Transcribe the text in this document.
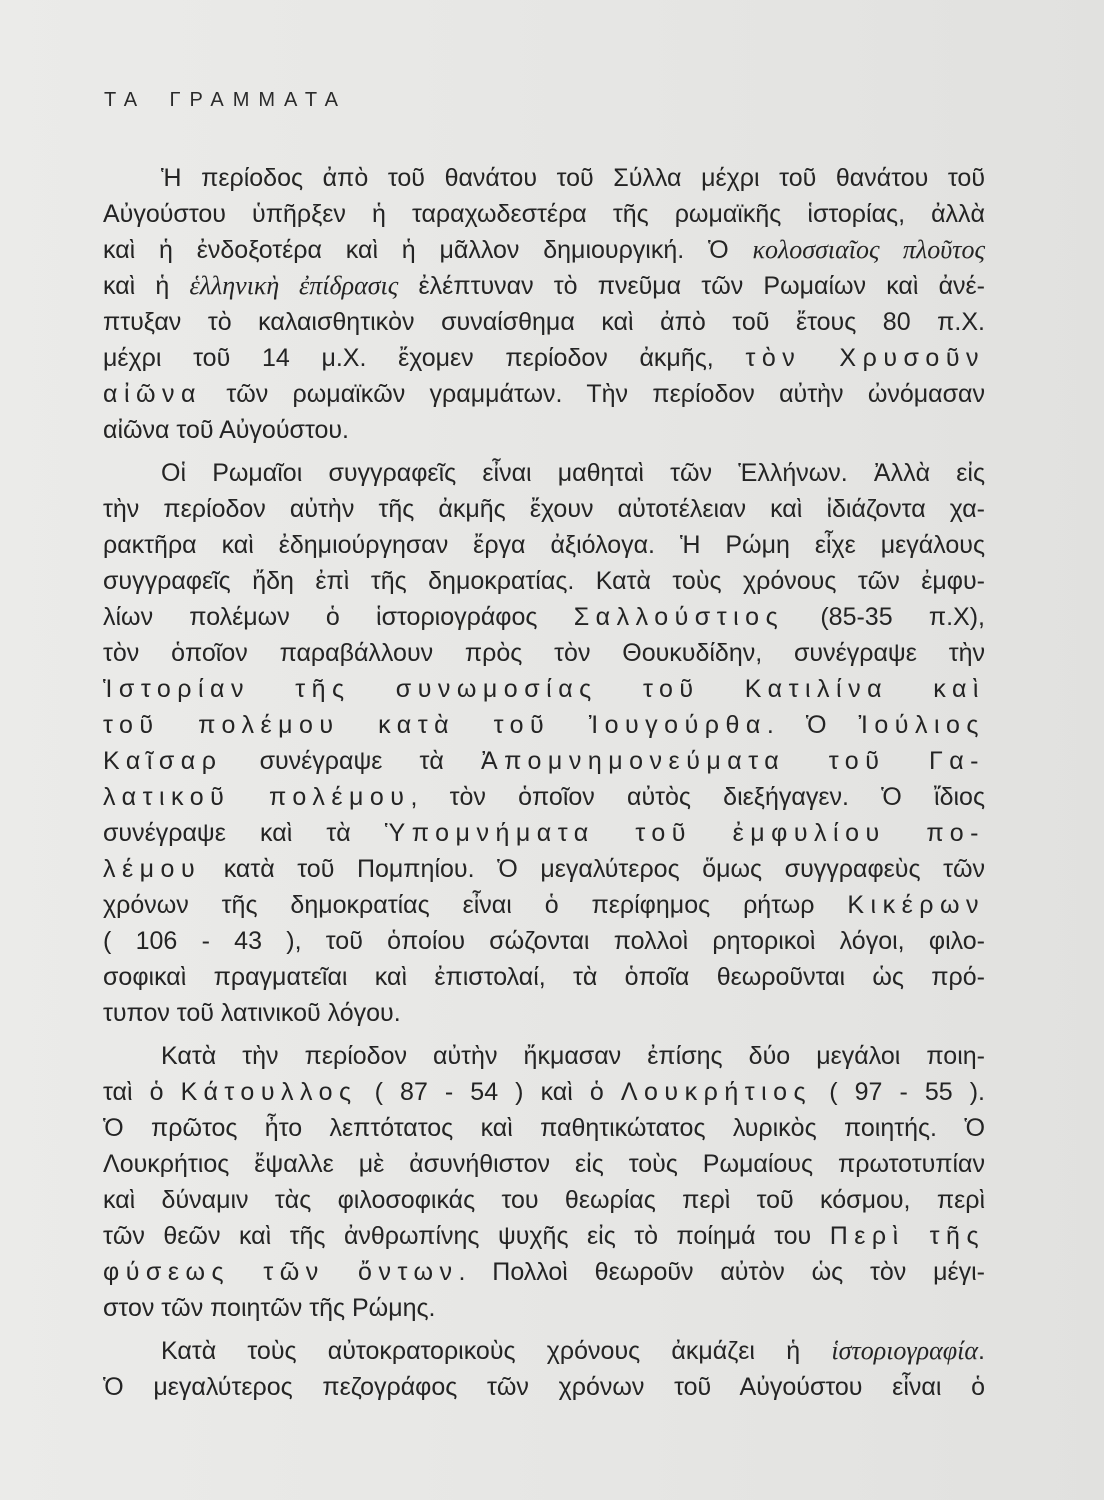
ΤΑ ΓΡΑΜΜΑΤΑ
Ἡ περίοδος ἀπὸ τοῦ θανάτου τοῦ Σύλλα μέχρι τοῦ θανάτου τοῦ
Αὐγούστου ὑπῆρξεν ἡ ταραχωδεστέρα τῆς ρωμαϊκῆς ἱστορίας, ἀλλὰ
καὶ ἡ ἐνδοξοτέρα καὶ ἡ μᾶλλον δημιουργική. Ὁ κολοσσιαῖος πλοῦτος
καὶ ἡ ἑλληνικὴ ἐπίδρασις ἐλέπτυναν τὸ πνεῦμα τῶν Ρωμαίων καὶ ἀνέ-
πτυξαν τὸ καλαισθητικὸν συναίσθημα καὶ ἀπὸ τοῦ ἔτους 80 π.Χ.
μέχρι τοῦ 14 μ.Χ. ἔχομεν περίοδον ἀκμῆς, τὸν Χρυσοῦν
αἰῶνα τῶν ρωμαϊκῶν γραμμάτων. Τὴν περίοδον αὐτὴν ὠνόμασαν
αἰῶνα τοῦ Αὐγούστου.
Οἱ Ρωμαῖοι συγγραφεῖς εἶναι μαθηταὶ τῶν Ἑλλήνων. Ἀλλὰ εἰς
τὴν περίοδον αὐτὴν τῆς ἀκμῆς ἔχουν αὐτοτέλειαν καὶ ἰδιάζοντα χα-
ρακτῆρα καὶ ἐδημιούργησαν ἔργα ἀξιόλογα. Ἡ Ρώμη εἶχε μεγάλους
συγγραφεῖς ἤδη ἐπὶ τῆς δημοκρατίας. Κατὰ τοὺς χρόνους τῶν ἐμφυ-
λίων πολέμων ὁ ἱστοριογράφος Σαλλούστιος (85-35 π.Χ),
τὸν ὁποῖον παραβάλλουν πρὸς τὸν Θουκυδίδην, συνέγραψε τὴν
Ἱστορίαν τῆς συνωμοσίας τοῦ Κατιλίνα καὶ
τοῦ πολέμου κατὰ τοῦ Ἰουγούρθα. Ὁ Ἰούλιος
Καῖσαρ συνέγραψε τὰ Ἀπομνημονεύματα τοῦ Γα-
λατικοῦ πολέμου, τὸν ὁποῖον αὐτὸς διεξήγαγεν. Ὁ ἴδιος
συνέγραψε καὶ τὰ Ὑπομνήματα τοῦ ἐμφυλίου πο-
λέμου κατὰ τοῦ Πομπηίου. Ὁ μεγαλύτερος ὅμως συγγραφεὺς τῶν
χρόνων τῆς δημοκρατίας εἶναι ὁ περίφημος ρήτωρ Κικέρων
( 106 - 43 ), τοῦ ὁποίου σώζονται πολλοὶ ρητορικοὶ λόγοι, φιλο-
σοφικαὶ πραγματεῖαι καὶ ἐπιστολαί, τὰ ὁποῖα θεωροῦνται ὡς πρό-
τυπον τοῦ λατινικοῦ λόγου.
Κατὰ τὴν περίοδον αὐτὴν ἤκμασαν ἐπίσης δύο μεγάλοι ποιη-
ταὶ ὁ Κάτουλλος ( 87 - 54 ) καὶ ὁ Λουκρήτιος ( 97 - 55 ).
Ὁ πρῶτος ἦτο λεπτότατος καὶ παθητικώτατος λυρικὸς ποιητής. Ὁ
Λουκρήτιος ἔψαλλε μὲ ἀσυνήθιστον εἰς τοὺς Ρωμαίους πρωτοτυπίαν
καὶ δύναμιν τὰς φιλοσοφικάς του θεωρίας περὶ τοῦ κόσμου, περὶ
τῶν θεῶν καὶ τῆς ἀνθρωπίνης ψυχῆς εἰς τὸ ποίημά του Περὶ τῆς
φύσεως τῶν ὄντων. Πολλοὶ θεωροῦν αὐτὸν ὡς τὸν μέγι-
στον τῶν ποιητῶν τῆς Ρώμης.
Κατὰ τοὺς αὐτοκρατορικοὺς χρόνους ἀκμάζει ἡ ἱστοριογραφία.
Ὁ μεγαλύτερος πεζογράφος τῶν χρόνων τοῦ Αὐγούστου εἶναι ὁ
